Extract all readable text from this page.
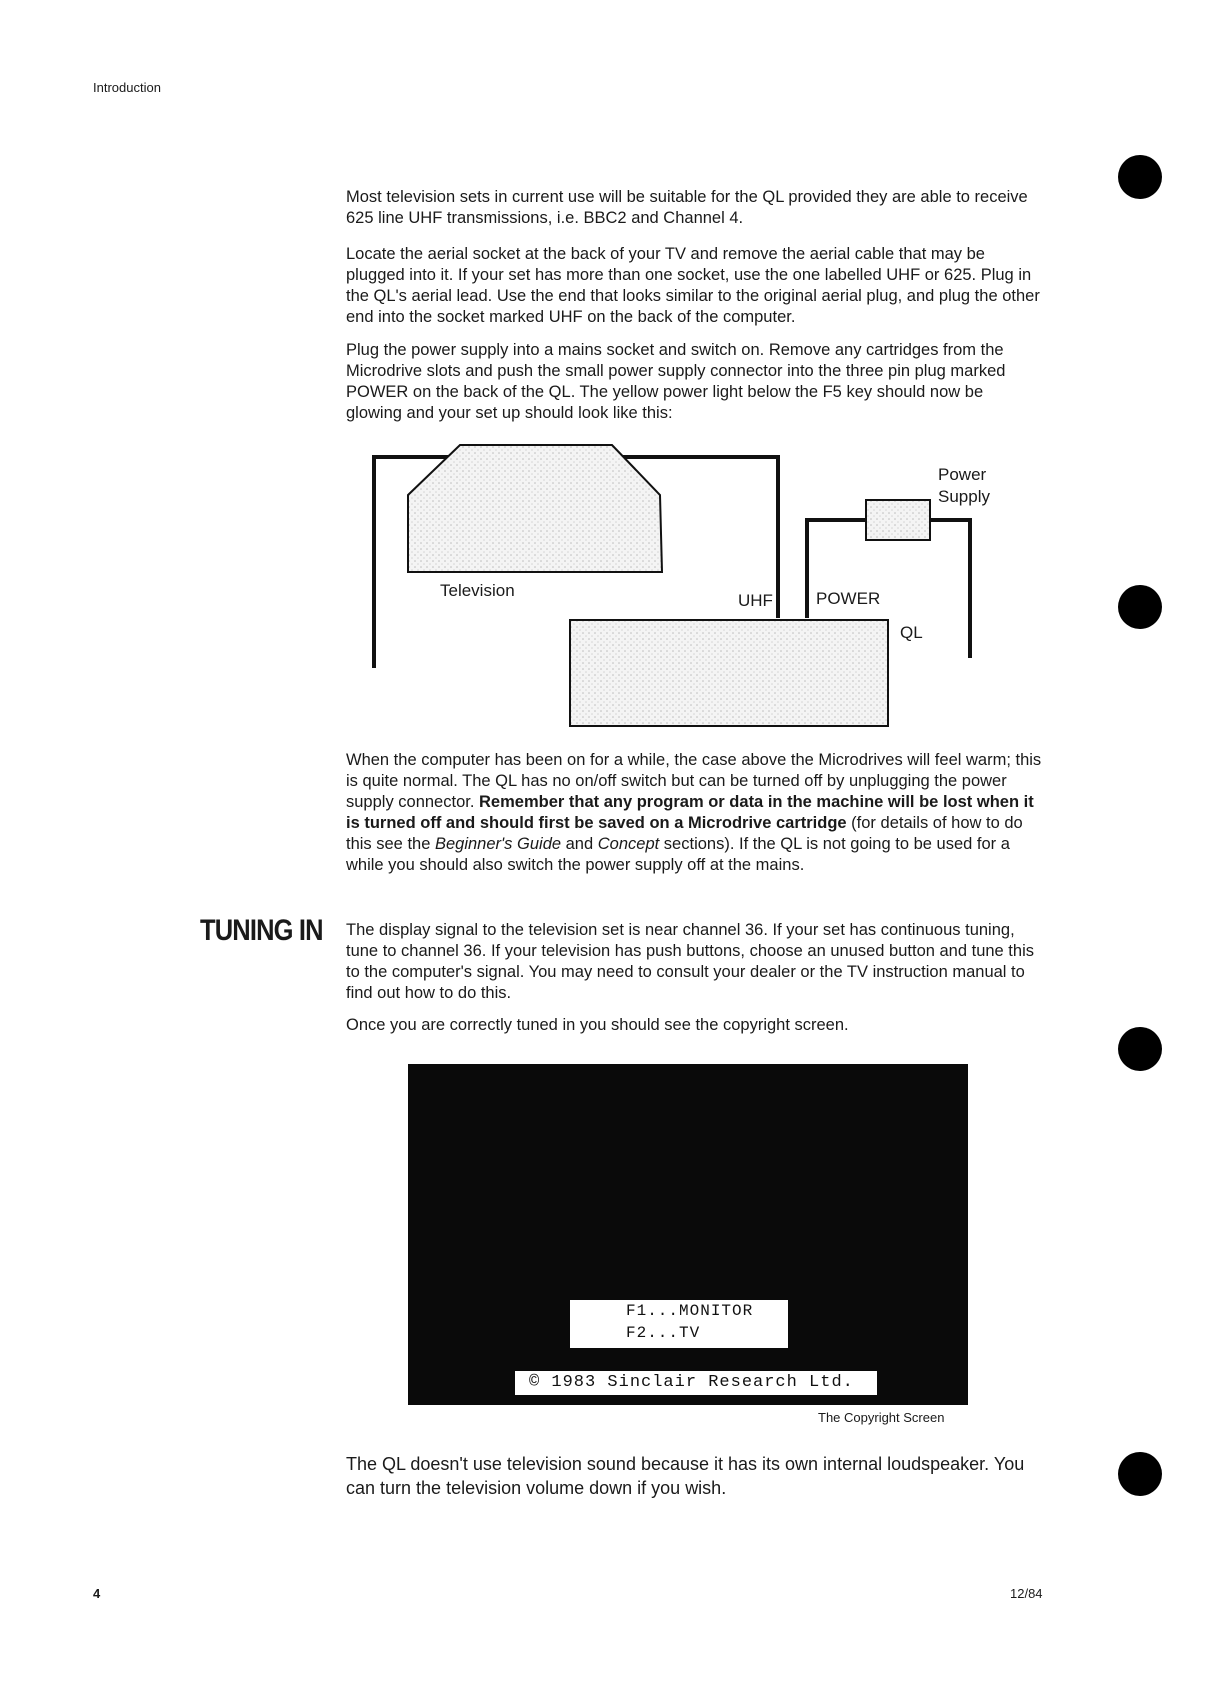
Introduction

Most television sets in current use will be suitable for the QL provided they are able to receive 625 line UHF transmissions, i.e. BBC2 and Channel 4.

Locate the aerial socket at the back of your TV and remove the aerial cable that may be plugged into it. If your set has more than one socket, use the one labelled UHF or 625. Plug in the QL's aerial lead. Use the end that looks similar to the original aerial plug, and plug the other end into the socket marked UHF on the back of the computer.

Plug the power supply into a mains socket and switch on. Remove any cartridges from the Microdrive slots and push the small power supply connector into the three pin plug marked POWER on the back of the QL. The yellow power light below the F5 key should now be glowing and your set up should look like this:

Television
Power
Supply
UHF	POWER
QL

When the computer has been on for a while, the case above the Microdrives will feel warm; this is quite normal. The QL has no on/off switch but can be turned off by unplugging the power supply connector. Remember that any program or data in the machine will be lost when it is turned off and should first be saved on a Microdrive cartridge (for details of how to do this see the Beginner's Guide and Concept sections). If the QL is not going to be used for a while you should also switch the power supply off at the mains.

TUNING IN The display signal to the television set is near channel 36. If your set has continuous tuning, tune to channel 36. If your television has push buttons, choose an unused button and tune this to the computer's signal. You may need to consult your dealer or the TV instruction manual to find out how to do this.

Once you are correctly tuned in you should see the copyright screen.

F1...MONITOR
F2...TV
© 1983 Sinclair Research Ltd.
The Copyright Screen

The QL doesn't use television sound because it has its own internal loudspeaker. You can turn the television volume down if you wish.

4	12/84
